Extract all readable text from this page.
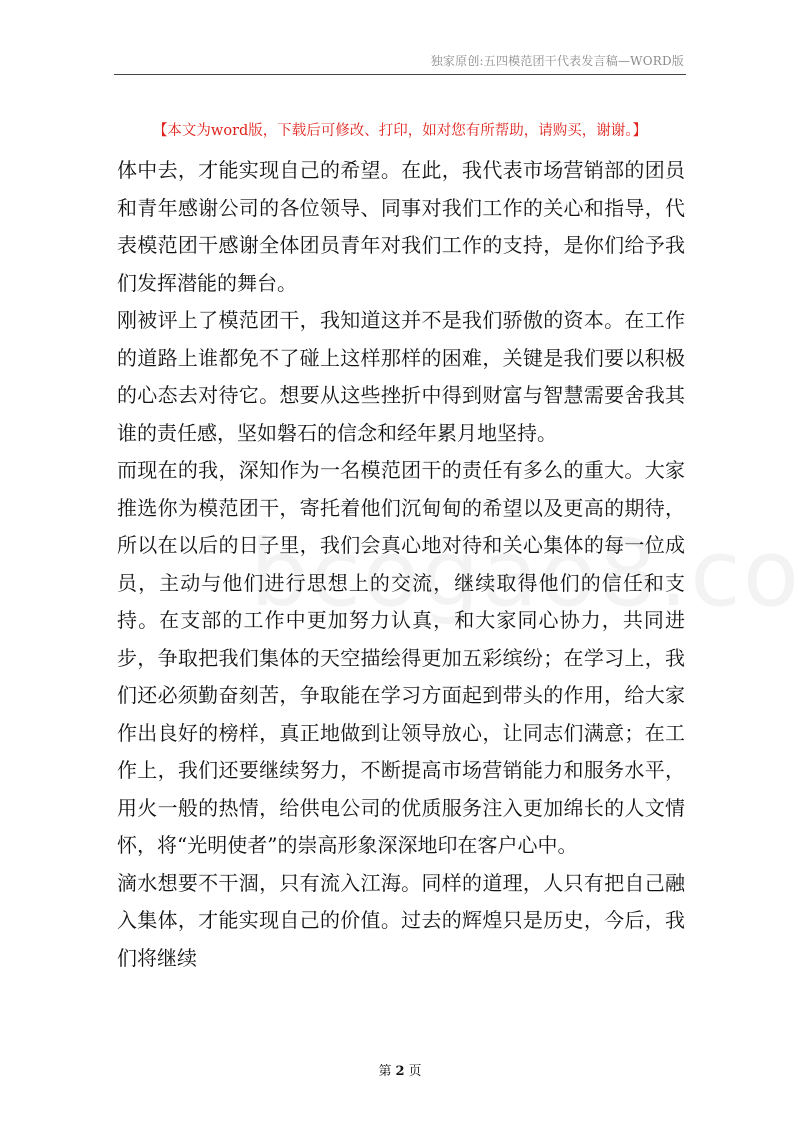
独家原创:五四模范团干代表发言稿—WORD版
【本文为word版，下载后可修改、打印，如对您有所帮助，请购买，谢谢。】

体中去，才能实现自己的希望。在此，我代表市场营销部的团员和青年感谢公司的各位领导、同事对我们工作的关心和指导，代表模范团干感谢全体团员青年对我们工作的支持，是你们给予我们发挥潜能的舞台。

刚被评上了模范团干，我知道这并不是我们骄傲的资本。在工作的道路上谁都免不了碰上这样那样的困难，关键是我们要以积极的心态去对待它。想要从这些挫折中得到财富与智慧需要舍我其谁的责任感，坚如磐石的信念和经年累月地坚持。

而现在的我，深知作为一名模范团干的责任有多么的重大。大家推选你为模范团干，寄托着他们沉甸甸的希望以及更高的期待，所以在以后的日子里，我们会真心地对待和关心集体的每一位成员，主动与他们进行思想上的交流，继续取得他们的信任和支持。在支部的工作中更加努力认真，和大家同心协力，共同进步，争取把我们集体的天空描绘得更加五彩缤纷；在学习上，我们还必须勤奋刻苦，争取能在学习方面起到带头的作用，给大家作出良好的榜样，真正地做到让领导放心，让同志们满意；在工作上，我们还要继续努力，不断提高市场营销能力和服务水平，用火一般的热情，给供电公司的优质服务注入更加绵长的人文情怀，将“光明使者”的崇高形象深深地印在客户心中。

滴水想要不干涸，只有流入江海。同样的道理，人只有把自己融入集体，才能实现自己的价值。过去的辉煌只是历史，今后，我们将继续

第 2 页
